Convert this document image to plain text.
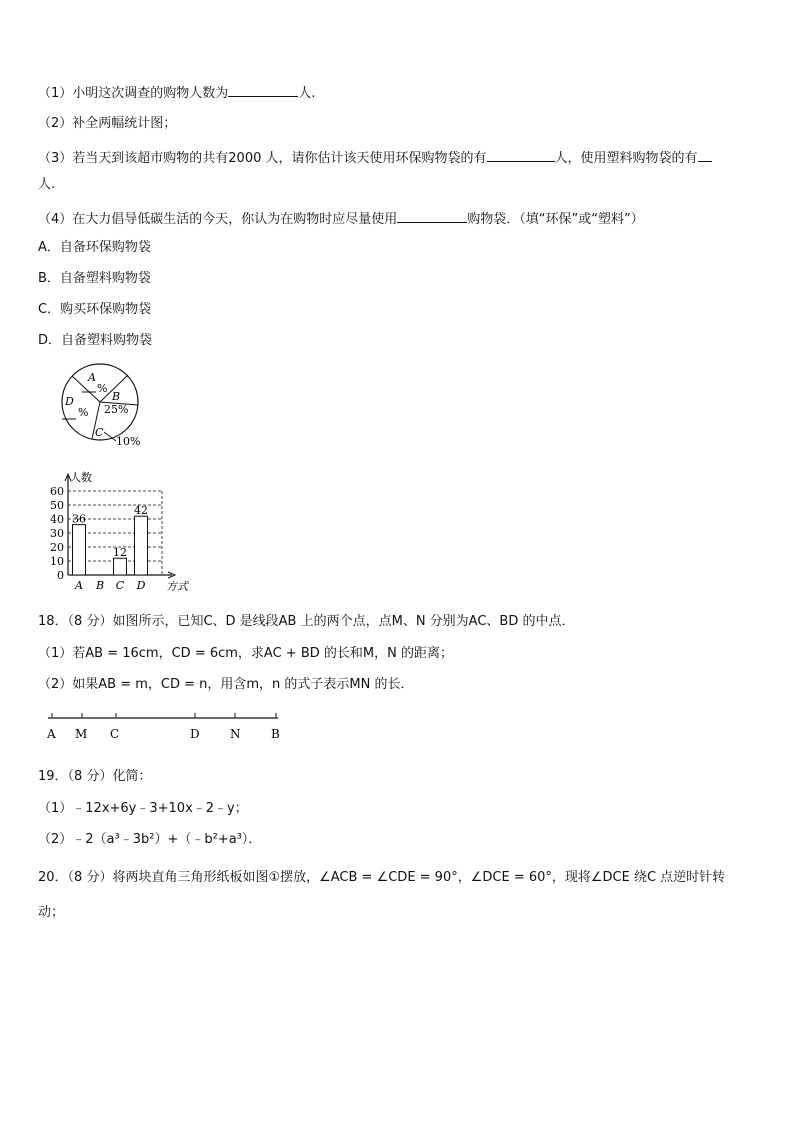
（1）小明这次调查的购物人数为	人.
（2）补全两幅统计图；
（3）若当天到该超市购物的共有2000 人，请你估计该天使用环保购物袋的有	人，使用塑料购物袋的有
人.
（4）在大力倡导低碳生活的今天，你认为在购物时应尽量使用	购物袋．（填“环保”或“塑料”）
A．自备环保购物袋
B．自备塑料购物袋
C．购买环保购物袋
D．自备塑料购物袋
A
%
B
25%
D
%
C
10%
人数
方式
0
10
20
30
40
50
60
A
36
B C
12
D
42
18．（8 分）如图所示，已知C、D 是线段AB 上的两个点，点M、N 分别为AC、BD 的中点．
（1）若AB = 16cm，CD = 6cm，求AC + BD 的长和M，N 的距离；
（2）如果AB = m，CD = n，用含m，n 的式子表示MN 的长．
A M C	D	N	B
19．（8 分）化简：
（1）﹣12x+6y﹣3+10x﹣2﹣y；
（2）﹣2（a³﹣3b²）+（﹣b²+a³）．
20．（8 分）将两块直角三角形纸板如图①摆放，∠ACB = ∠CDE = 90°，∠DCE = 60°，现将∠DCE 绕C 点逆时针转
动；
